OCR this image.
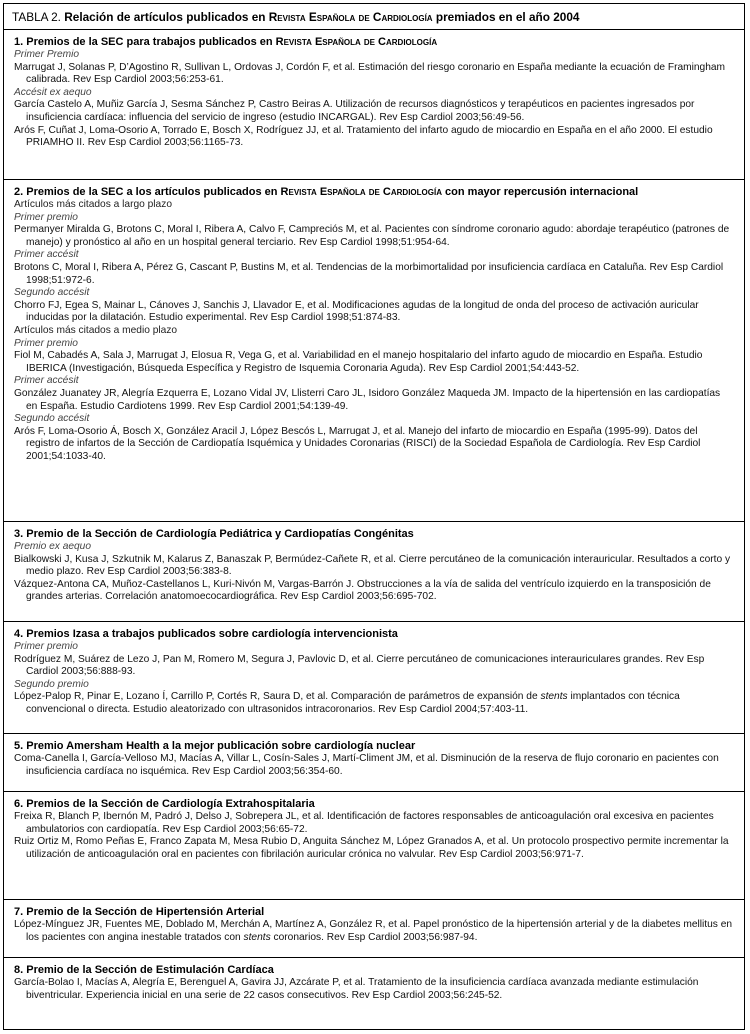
TABLA 2. Relación de artículos publicados en Revista Española de Cardiología premiados en el año 2004
1. Premios de la SEC para trabajos publicados en Revista Española de Cardiología
Primer Premio
Marrugat J, Solanas P, D’Agostino R, Sullivan L, Ordovas J, Cordón F, et al. Estimación del riesgo coronario en España mediante la ecuación de Framingham calibrada. Rev Esp Cardiol 2003;56:253-61.
Accésit ex aequo
García Castelo A, Muñiz García J, Sesma Sánchez P, Castro Beiras A. Utilización de recursos diagnósticos y terapéuticos en pacientes ingresados por insuficiencia cardíaca: influencia del servicio de ingreso (estudio INCARGAL). Rev Esp Cardiol 2003;56:49-56.
Arós F, Cuñat J, Loma-Osorio A, Torrado E, Bosch X, Rodríguez JJ, et al. Tratamiento del infarto agudo de miocardio en España en el año 2000. El estudio PRIAMHO II. Rev Esp Cardiol 2003;56:1165-73.
2. Premios de la SEC a los artículos publicados en Revista Española de Cardiología con mayor repercusión internacional
Artículos más citados a largo plazo
Primer premio
Permanyer Miralda G, Brotons C, Moral I, Ribera A, Calvo F, Campreciós M, et al. Pacientes con síndrome coronario agudo: abordaje terapéutico (patrones de manejo) y pronóstico al año en un hospital general terciario. Rev Esp Cardiol 1998;51:954-64.
Primer accésit
Brotons C, Moral I, Ribera A, Pérez G, Cascant P, Bustins M, et al. Tendencias de la morbimortalidad por insuficiencia cardíaca en Cataluña. Rev Esp Cardiol 1998;51:972-6.
Segundo accésit
Chorro FJ, Egea S, Mainar L, Cánoves J, Sanchis J, Llavador E, et al. Modificaciones agudas de la longitud de onda del proceso de activación auricular inducidas por la dilatación. Estudio experimental. Rev Esp Cardiol 1998;51:874-83.
Artículos más citados a medio plazo
Primer premio
Fiol M, Cabadés A, Sala J, Marrugat J, Elosua R, Vega G, et al. Variabilidad en el manejo hospitalario del infarto agudo de miocardio en España. Estudio IBERICA (Investigación, Búsqueda Específica y Registro de Isquemia Coronaria Aguda). Rev Esp Cardiol 2001;54:443-52.
Primer accésit
González Juanatey JR, Alegría Ezquerra E, Lozano Vidal JV, Llisterri Caro JL, Isidoro González Maqueda JM. Impacto de la hipertensión en las cardiopatías en España. Estudio Cardiotens 1999. Rev Esp Cardiol 2001;54:139-49.
Segundo accésit
Arós F, Loma-Osorio Á, Bosch X, González Aracil J, López Bescós L, Marrugat J, et al. Manejo del infarto de miocardio en España (1995-99). Datos del registro de infartos de la Sección de Cardiopatía Isquémica y Unidades Coronarias (RISCI) de la Sociedad Española de Cardiología. Rev Esp Cardiol 2001;54:1033-40.
3. Premio de la Sección de Cardiología Pediátrica y Cardiopatías Congénitas
Premio ex aequo
Bialkowski J, Kusa J, Szkutnik M, Kalarus Z, Banaszak P, Bermúdez-Cañete R, et al. Cierre percutáneo de la comunicación interauricular. Resultados a corto y medio plazo. Rev Esp Cardiol 2003;56:383-8.
Vázquez-Antona CA, Muñoz-Castellanos L, Kuri-Nivón M, Vargas-Barrón J. Obstrucciones a la vía de salida del ventrículo izquierdo en la transposición de grandes arterias. Correlación anatomoecocardiográfica. Rev Esp Cardiol 2003;56:695-702.
4. Premios Izasa a trabajos publicados sobre cardiología intervencionista
Primer premio
Rodríguez M, Suárez de Lezo J, Pan M, Romero M, Segura J, Pavlovic D, et al. Cierre percutáneo de comunicaciones interauriculares grandes. Rev Esp Cardiol 2003;56:888-93.
Segundo premio
López-Palop R, Pinar E, Lozano Í, Carrillo P, Cortés R, Saura D, et al. Comparación de parámetros de expansión de stents implantados con técnica convencional o directa. Estudio aleatorizado con ultrasonidos intracoronarios. Rev Esp Cardiol 2004;57:403-11.
5. Premio Amersham Health a la mejor publicación sobre cardiología nuclear
Coma-Canella I, García-Velloso MJ, Macías A, Villar L, Cosín-Sales J, Martí-Climent JM, et al. Disminución de la reserva de flujo coronario en pacientes con insuficiencia cardíaca no isquémica. Rev Esp Cardiol 2003;56:354-60.
6. Premios de la Sección de Cardiología Extrahospitalaria
Freixa R, Blanch P, Ibernón M, Padró J, Delso J, Sobrepera JL, et al. Identificación de factores responsables de anticoagulación oral excesiva en pacientes ambulatorios con cardiopatía. Rev Esp Cardiol 2003;56:65-72.
Ruiz Ortiz M, Romo Peñas E, Franco Zapata M, Mesa Rubio D, Anguita Sánchez M, López Granados A, et al. Un protocolo prospectivo permite incrementar la utilización de anticoagulación oral en pacientes con fibrilación auricular crónica no valvular. Rev Esp Cardiol 2003;56:971-7.
7. Premio de la Sección de Hipertensión Arterial
López-Mínguez JR, Fuentes ME, Doblado M, Merchán A, Martínez A, González R, et al. Papel pronóstico de la hipertensión arterial y de la diabetes mellitus en los pacientes con angina inestable tratados con stents coronarios. Rev Esp Cardiol 2003;56:987-94.
8. Premio de la Sección de Estimulación Cardíaca
García-Bolao I, Macías A, Alegría E, Berenguel A, Gavira JJ, Azcárate P, et al. Tratamiento de la insuficiencia cardíaca avanzada mediante estimulación biventricular. Experiencia inicial en una serie de 22 casos consecutivos. Rev Esp Cardiol 2003;56:245-52.
